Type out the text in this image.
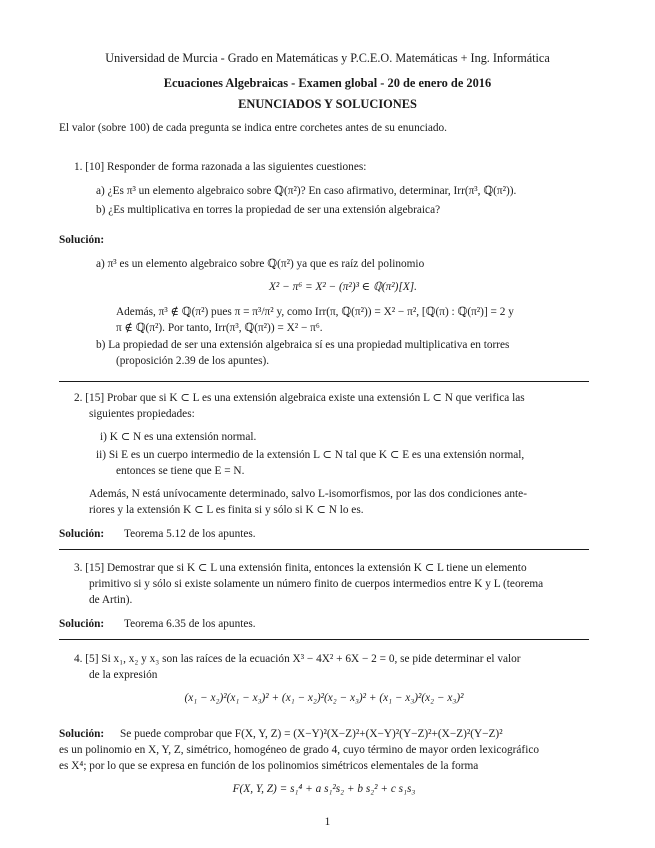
Universidad de Murcia - Grado en Matemáticas y P.C.E.O. Matemáticas + Ing. Informática
Ecuaciones Algebraicas - Examen global - 20 de enero de 2016
ENUNCIADOS Y SOLUCIONES
El valor (sobre 100) de cada pregunta se indica entre corchetes antes de su enunciado.
1. [10] Responder de forma razonada a las siguientes cuestiones:
a) ¿Es π³ un elemento algebraico sobre ℚ(π²)? En caso afirmativo, determinar, Irr(π³, ℚ(π²)).
b) ¿Es multiplicativa en torres la propiedad de ser una extensión algebraica?
Solución:
a) π³ es un elemento algebraico sobre ℚ(π²) ya que es raíz del polinomio
X² − π⁶ = X² − (π²)³ ∈ ℚ(π²)[X].
Además, π³ ∉ ℚ(π²) pues π = π³/π² y, como Irr(π, ℚ(π²)) = X² − π², [ℚ(π) : ℚ(π²)] = 2 y
π ∉ ℚ(π²). Por tanto, Irr(π³, ℚ(π²)) = X² − π⁶.
b) La propiedad de ser una extensión algebraica sí es una propiedad multiplicativa en torres
(proposición 2.39 de los apuntes).
2. [15] Probar que si K ⊂ L es una extensión algebraica existe una extensión L ⊂ N que verifica las
siguientes propiedades:
i) K ⊂ N es una extensión normal.
ii) Si E es un cuerpo intermedio de la extensión L ⊂ N tal que K ⊂ E es una extensión normal,
entonces se tiene que E = N.
Además, N está unívocamente determinado, salvo L-isomorfismos, por las dos condiciones ante-
riores y la extensión K ⊂ L es finita si y sólo si K ⊂ N lo es.
Solución: Teorema 5.12 de los apuntes.
3. [15] Demostrar que si K ⊂ L una extensión finita, entonces la extensión K ⊂ L tiene un elemento
primitivo si y sólo si existe solamente un número finito de cuerpos intermedios entre K y L (teorema
de Artin).
Solución: Teorema 6.35 de los apuntes.
4. [5] Si x₁, x₂ y x₃ son las raíces de la ecuación X³ − 4X² + 6X − 2 = 0, se pide determinar el valor
de la expresión
(x₁ − x₂)²(x₁ − x₃)² + (x₁ − x₂)²(x₂ − x₃)² + (x₁ − x₃)²(x₂ − x₃)²
Solución: Se puede comprobar que F(X, Y, Z) = (X−Y)²(X−Z)²+(X−Y)²(Y−Z)²+(X−Z)²(Y−Z)²
es un polinomio en X, Y, Z, simétrico, homogéneo de grado 4, cuyo término de mayor orden lexicográfico
es X⁴; por lo que se expresa en función de los polinomios simétricos elementales de la forma
F(X, Y, Z) = s₁⁴ + a s₁²s₂ + b s₂² + c s₁s₃
1
